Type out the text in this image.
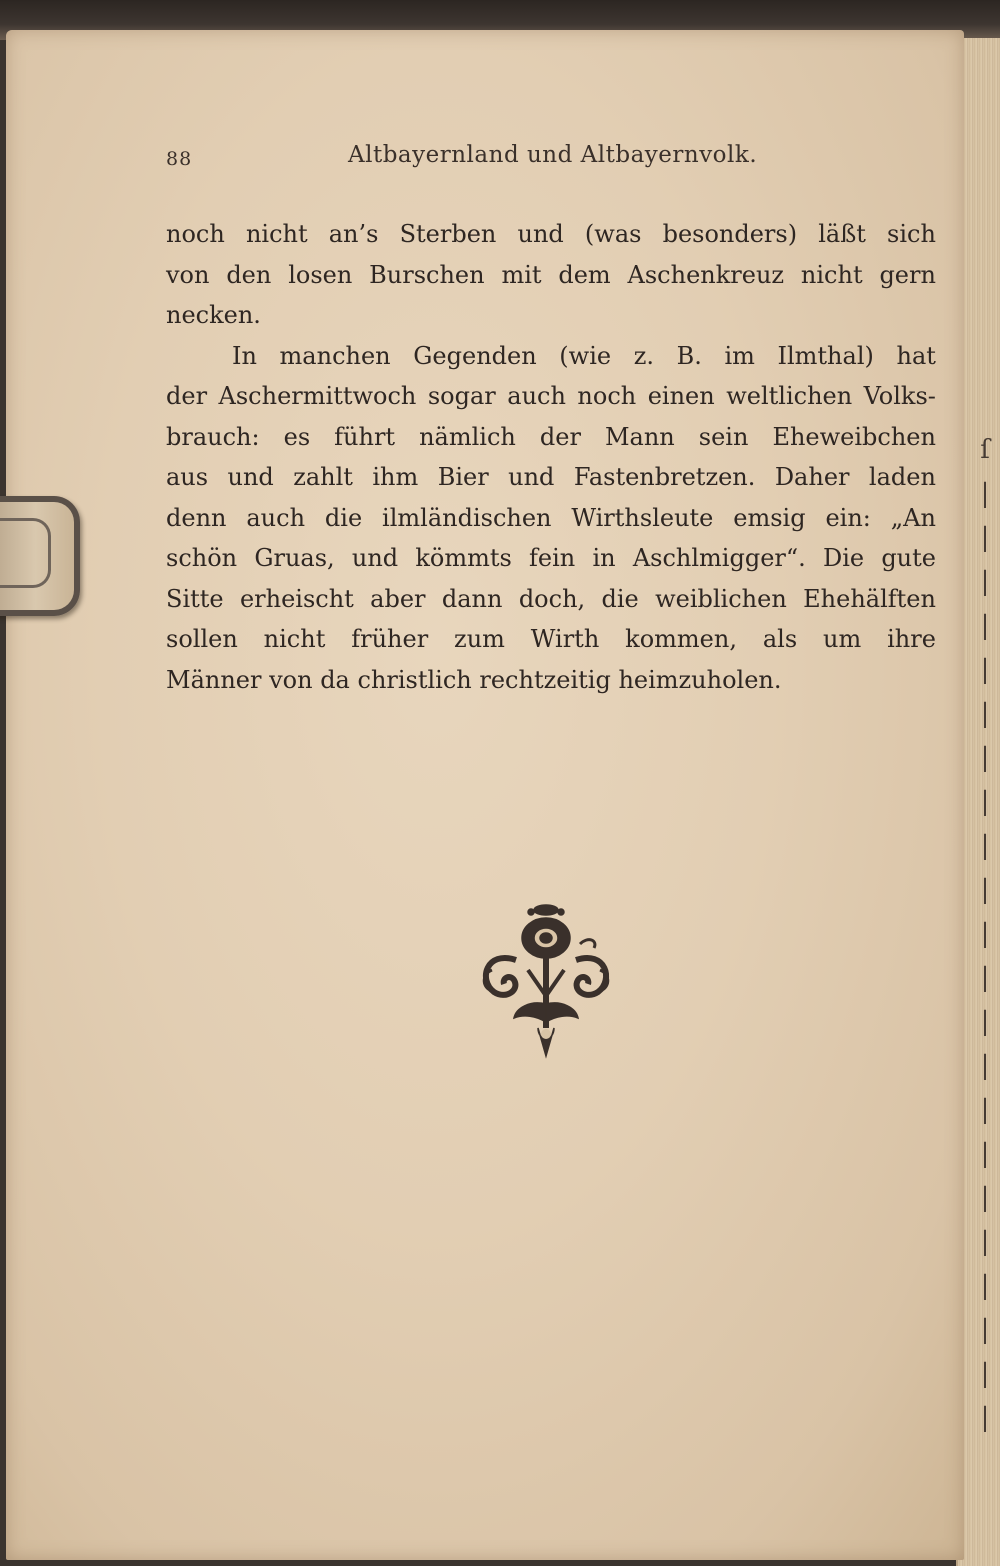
ſ
|
|
|
|
|
|
|
|
|
|
|
|
|
|
|
|
|
|
|
|
|
|
88	Altbayernland und Altbayernvolk.
noch nicht an’s Sterben und (was besonders) läßt sich
von den losen Burschen mit dem Aschenkreuz nicht gern
necken.
In manchen Gegenden (wie z. B. im Ilmthal) hat
der Aschermittwoch sogar auch noch einen weltlichen Volks-
brauch: es führt nämlich der Mann sein Eheweibchen
aus und zahlt ihm Bier und Fastenbretzen. Daher laden
denn auch die ilmländischen Wirthsleute emsig ein: „An
schön Gruas, und kömmts fein in Aschlmigger“. Die gute
Sitte erheischt aber dann doch, die weiblichen Ehehälften
sollen nicht früher zum Wirth kommen, als um ihre
Männer von da christlich rechtzeitig heimzuholen.
